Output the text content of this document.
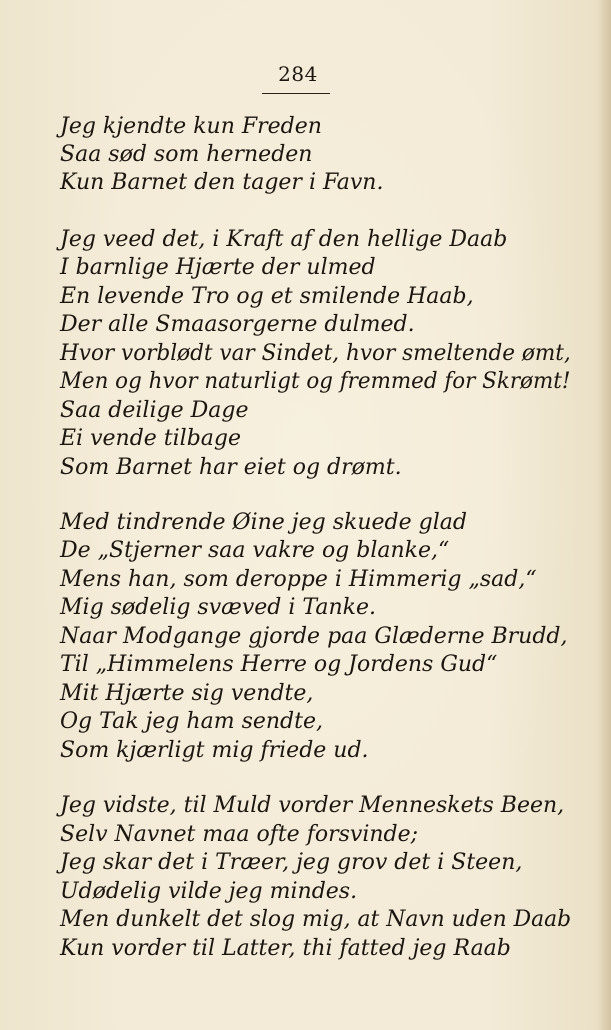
284
Jeg kjendte kun Freden
Saa sød som herneden
Kun Barnet den tager i Favn.
Jeg veed det, i Kraft af den hellige Daab
I barnlige Hjærte der ulmed
En levende Tro og et smilende Haab,
Der alle Smaasorgerne dulmed.
Hvor vorblødt var Sindet, hvor smeltende ømt,
Men og hvor naturligt og fremmed for Skrømt!
Saa deilige Dage
Ei vende tilbage
Som Barnet har eiet og drømt.
Med tindrende Øine jeg skuede glad
De „Stjerner saa vakre og blanke,“
Mens han, som deroppe i Himmerig „sad,“
Mig sødelig svæved i Tanke.
Naar Modgange gjorde paa Glæderne Brudd,
Til „Himmelens Herre og Jordens Gud“
Mit Hjærte sig vendte,
Og Tak jeg ham sendte,
Som kjærligt mig friede ud.
Jeg vidste, til Muld vorder Menneskets Been,
Selv Navnet maa ofte forsvinde;
Jeg skar det i Træer, jeg grov det i Steen,
Udødelig vilde jeg mindes.
Men dunkelt det slog mig, at Navn uden Daab
Kun vorder til Latter, thi fatted jeg Raab
